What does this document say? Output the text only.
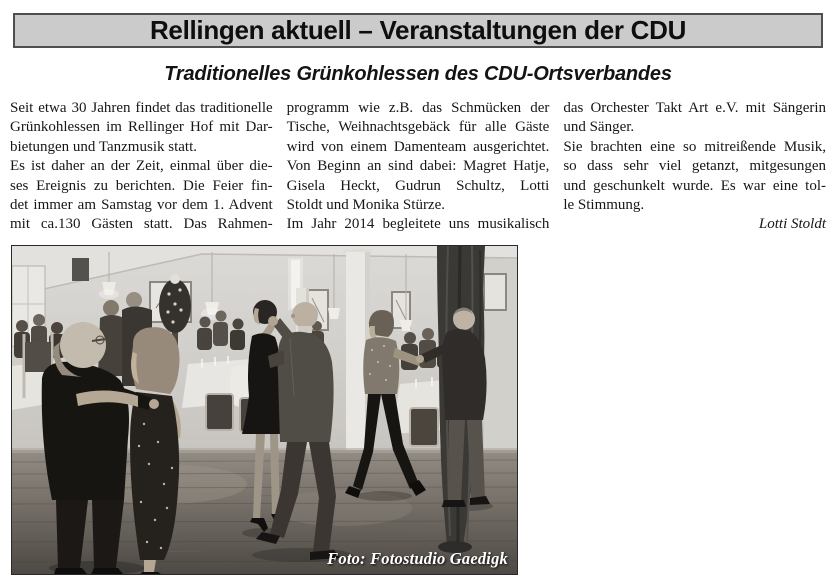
Rellingen aktuell – Veranstaltungen der CDU
Traditionelles Grünkohlessen des CDU-Ortsverbandes
Seit etwa 30 Jahren findet das traditionelle
Grünkohlessen im Rellinger Hof mit Dar-
bietungen und Tanzmusik statt.
Es ist daher an der Zeit, einmal über die-
ses Ereignis zu berichten. Die Feier fin-
det immer am Samstag vor dem 1. Advent
mit ca.130 Gästen statt. Das Rahmen-
programm wie z.B. das Schmücken der
Tische, Weihnachtsgebäck für alle Gäste
wird von einem Damenteam ausgerichtet.
Von Beginn an sind dabei: Magret Hatje,
Gisela Heckt, Gudrun Schultz, Lotti
Stoldt und Monika Stürze.
Im Jahr 2014 begleitete uns musikalisch
das Orchester Takt Art e.V. mit Sängerin
und Sänger.
Sie brachten eine so mitreißende Musik,
so dass sehr viel getanzt, mitgesungen
und geschunkelt wurde. Es war eine tol-
le Stimmung.
Lotti Stoldt
Foto: Fotostudio Gaedigk
